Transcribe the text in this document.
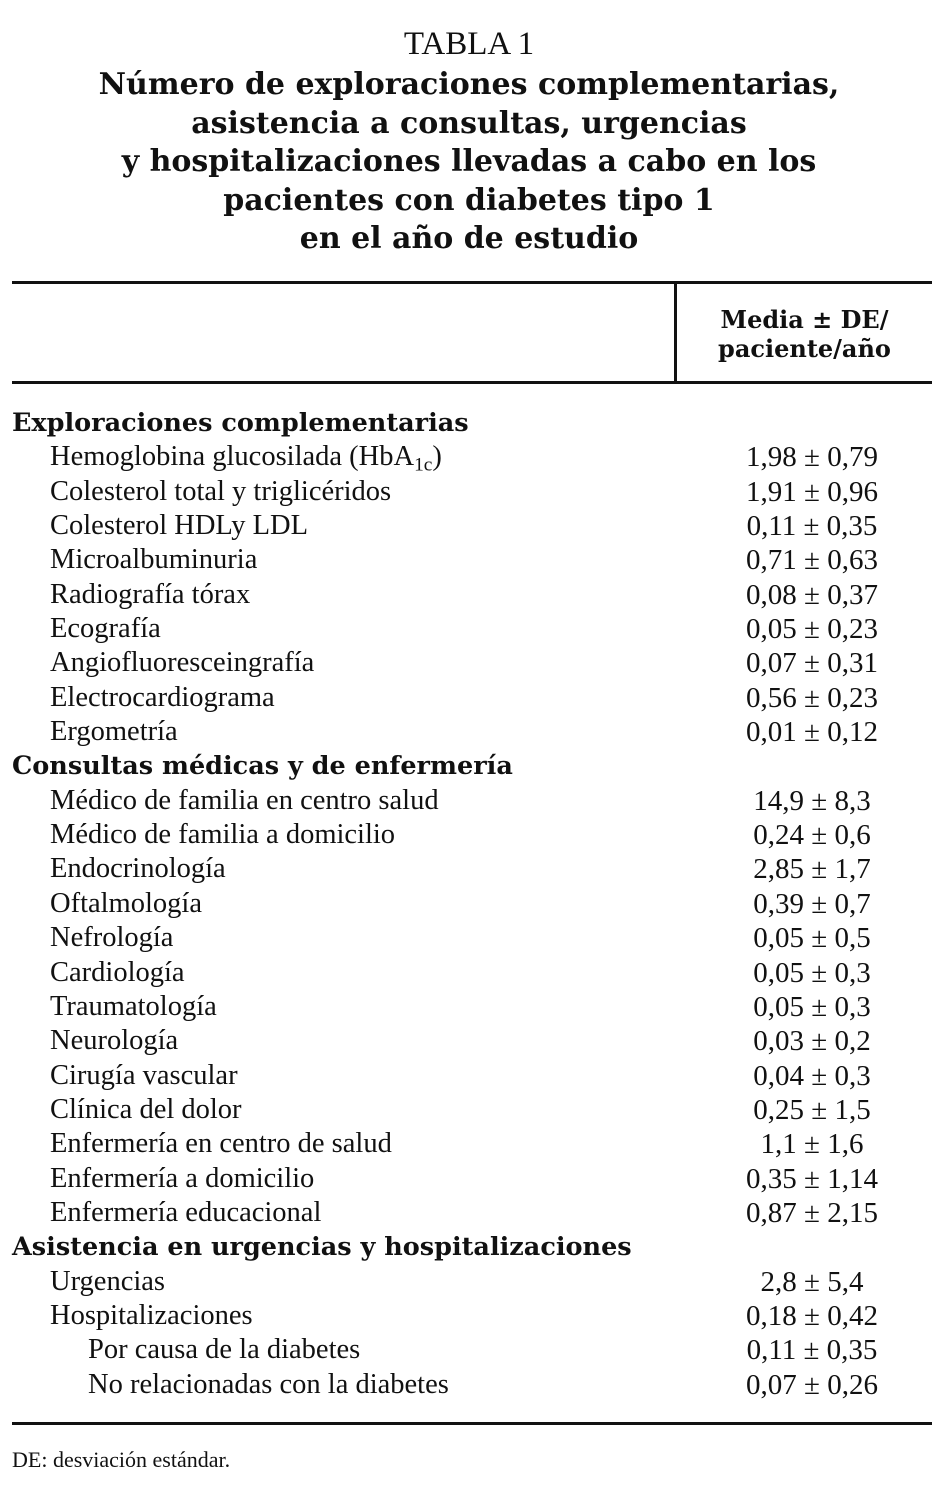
TABLA 1
Número de exploraciones complementarias,
asistencia a consultas, urgencias
y hospitalizaciones llevadas a cabo en los
pacientes con diabetes tipo 1
en el año de estudio
Media ± DE/
paciente/año
Exploraciones complementarias
Hemoglobina glucosilada (HbA$_{1c}$)	1,98 ± 0,79
Colesterol total y triglicéridos	1,91 ± 0,96
Colesterol HDLy LDL	0,11 ± 0,35
Microalbuminuria	0,71 ± 0,63
Radiografía tórax	0,08 ± 0,37
Ecografía	0,05 ± 0,23
Angiofluoresceingrafía	0,07 ± 0,31
Electrocardiograma	0,56 ± 0,23
Ergometría	0,01 ± 0,12
Consultas médicas y de enfermería
Médico de familia en centro salud	14,9 ± 8,3
Médico de familia a domicilio	0,24 ± 0,6
Endocrinología	2,85 ± 1,7
Oftalmología	0,39 ± 0,7
Nefrología	0,05 ± 0,5
Cardiología	0,05 ± 0,3
Traumatología	0,05 ± 0,3
Neurología	0,03 ± 0,2
Cirugía vascular	0,04 ± 0,3
Clínica del dolor	0,25 ± 1,5
Enfermería en centro de salud	1,1 ± 1,6
Enfermería a domicilio	0,35 ± 1,14
Enfermería educacional	0,87 ± 2,15
Asistencia en urgencias y hospitalizaciones
Urgencias	2,8 ± 5,4
Hospitalizaciones	0,18 ± 0,42
Por causa de la diabetes	0,11 ± 0,35
No relacionadas con la diabetes	0,07 ± 0,26
DE: desviación estándar.
